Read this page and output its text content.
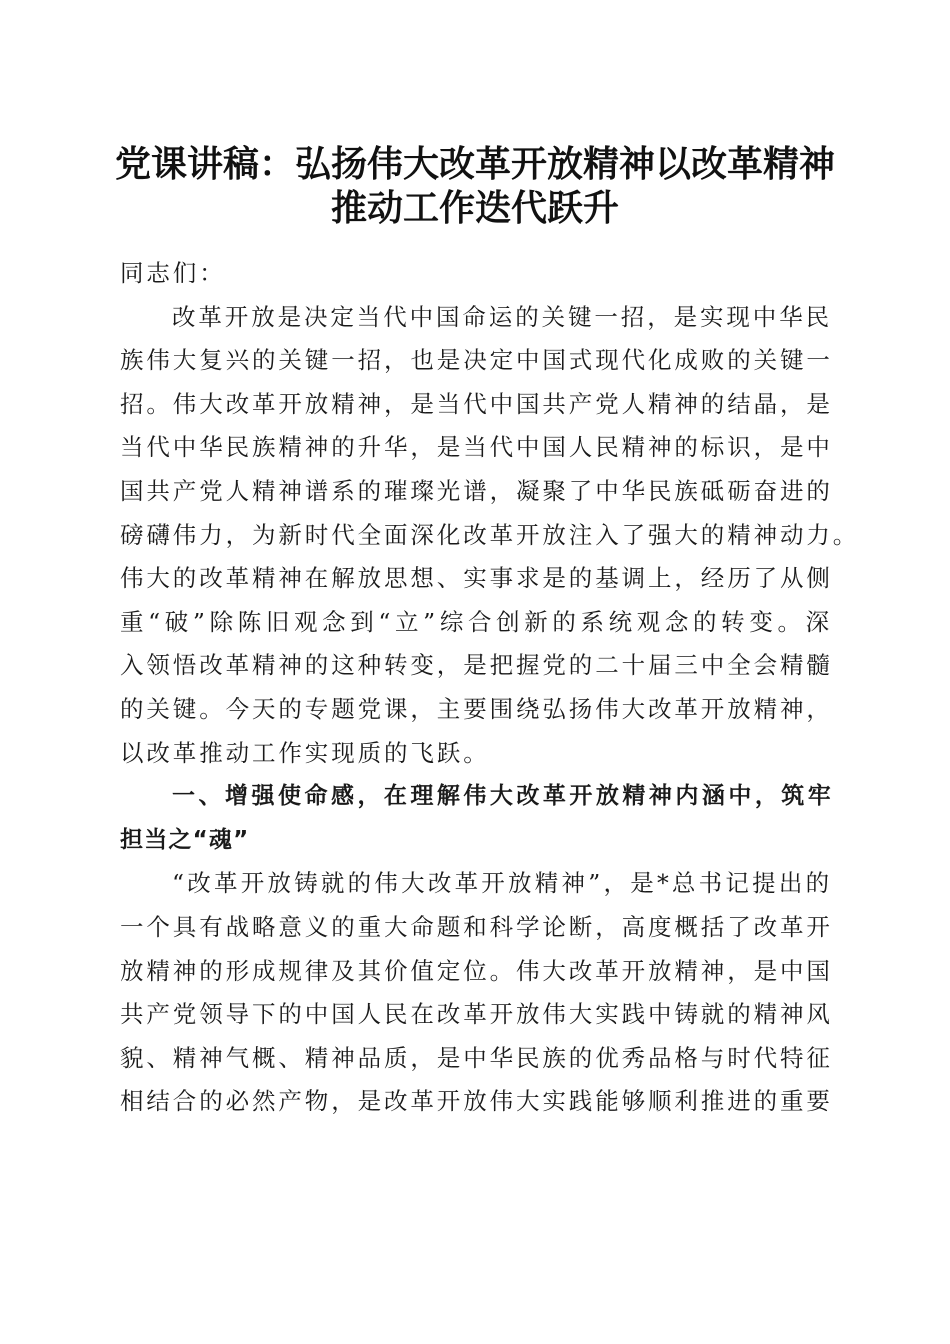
党课讲稿：弘扬伟大改革开放精神以改革精神
推动工作迭代跃升
同志们：
改革开放是决定当代中国命运的关键一招，是实现中华民
族伟大复兴的关键一招，也是决定中国式现代化成败的关键一
招。伟大改革开放精神，是当代中国共产党人精神的结晶，是
当代中华民族精神的升华，是当代中国人民精神的标识，是中
国共产党人精神谱系的璀璨光谱，凝聚了中华民族砥砺奋进的
磅礴伟力，为新时代全面深化改革开放注入了强大的精神动力。
伟大的改革精神在解放思想、实事求是的基调上，经历了从侧
重“破”除陈旧观念到“立”综合创新的系统观念的转变。深
入领悟改革精神的这种转变，是把握党的二十届三中全会精髓
的关键。今天的专题党课，主要围绕弘扬伟大改革开放精神，
以改革推动工作实现质的飞跃。
一、增强使命感，在理解伟大改革开放精神内涵中，筑牢
担当之“魂”
“改革开放铸就的伟大改革开放精神”，是*总书记提出的
一个具有战略意义的重大命题和科学论断，高度概括了改革开
放精神的形成规律及其价值定位。伟大改革开放精神，是中国
共产党领导下的中国人民在改革开放伟大实践中铸就的精神风
貌、精神气概、精神品质，是中华民族的优秀品格与时代特征
相结合的必然产物，是改革开放伟大实践能够顺利推进的重要
